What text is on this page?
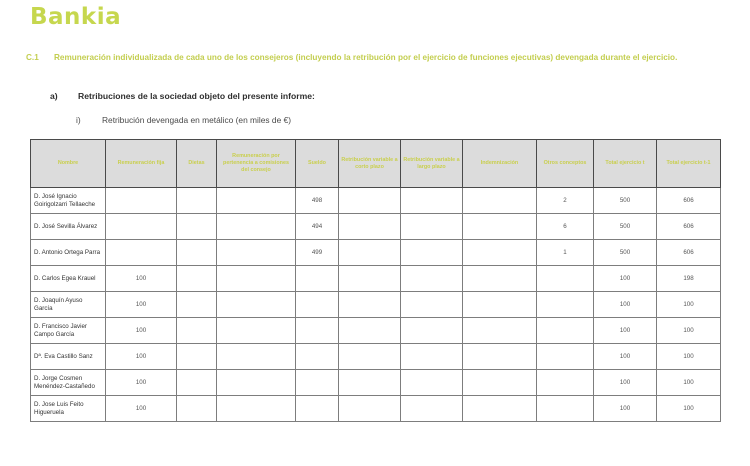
Bankia
C.1	Remuneración individualizada de cada uno de los consejeros (incluyendo la retribución por el ejercicio de funciones ejecutivas) devengada durante el ejercicio.
a)	Retribuciones de la sociedad objeto del presente informe:
i)	Retribución devengada en metálico (en miles de €)
Nombre	Remuneración fija	Dietas	Remuneración por pertenencia a comisiones del consejo	Sueldo	Retribución variable a corto plazo	Retribución variable a largo plazo	Indemnización	Otros conceptos	Total ejercicio t	Total ejercicio t-1
D. José Ignacio Goirigolzarri Tellaeche				498				2	500	606
D. José Sevilla Álvarez				494				6	500	606
D. Antonio Ortega Parra				499				1	500	606
D. Carlos Egea Krauel	100								100	198
D. Joaquín Ayuso García	100								100	100
D. Francisco Javier Campo García	100								100	100
Dª. Eva Castillo Sanz	100								100	100
D. Jorge Cosmen Menéndez-Castañedo	100								100	100
D. Jose Luis Feito Higueruela	100								100	100
